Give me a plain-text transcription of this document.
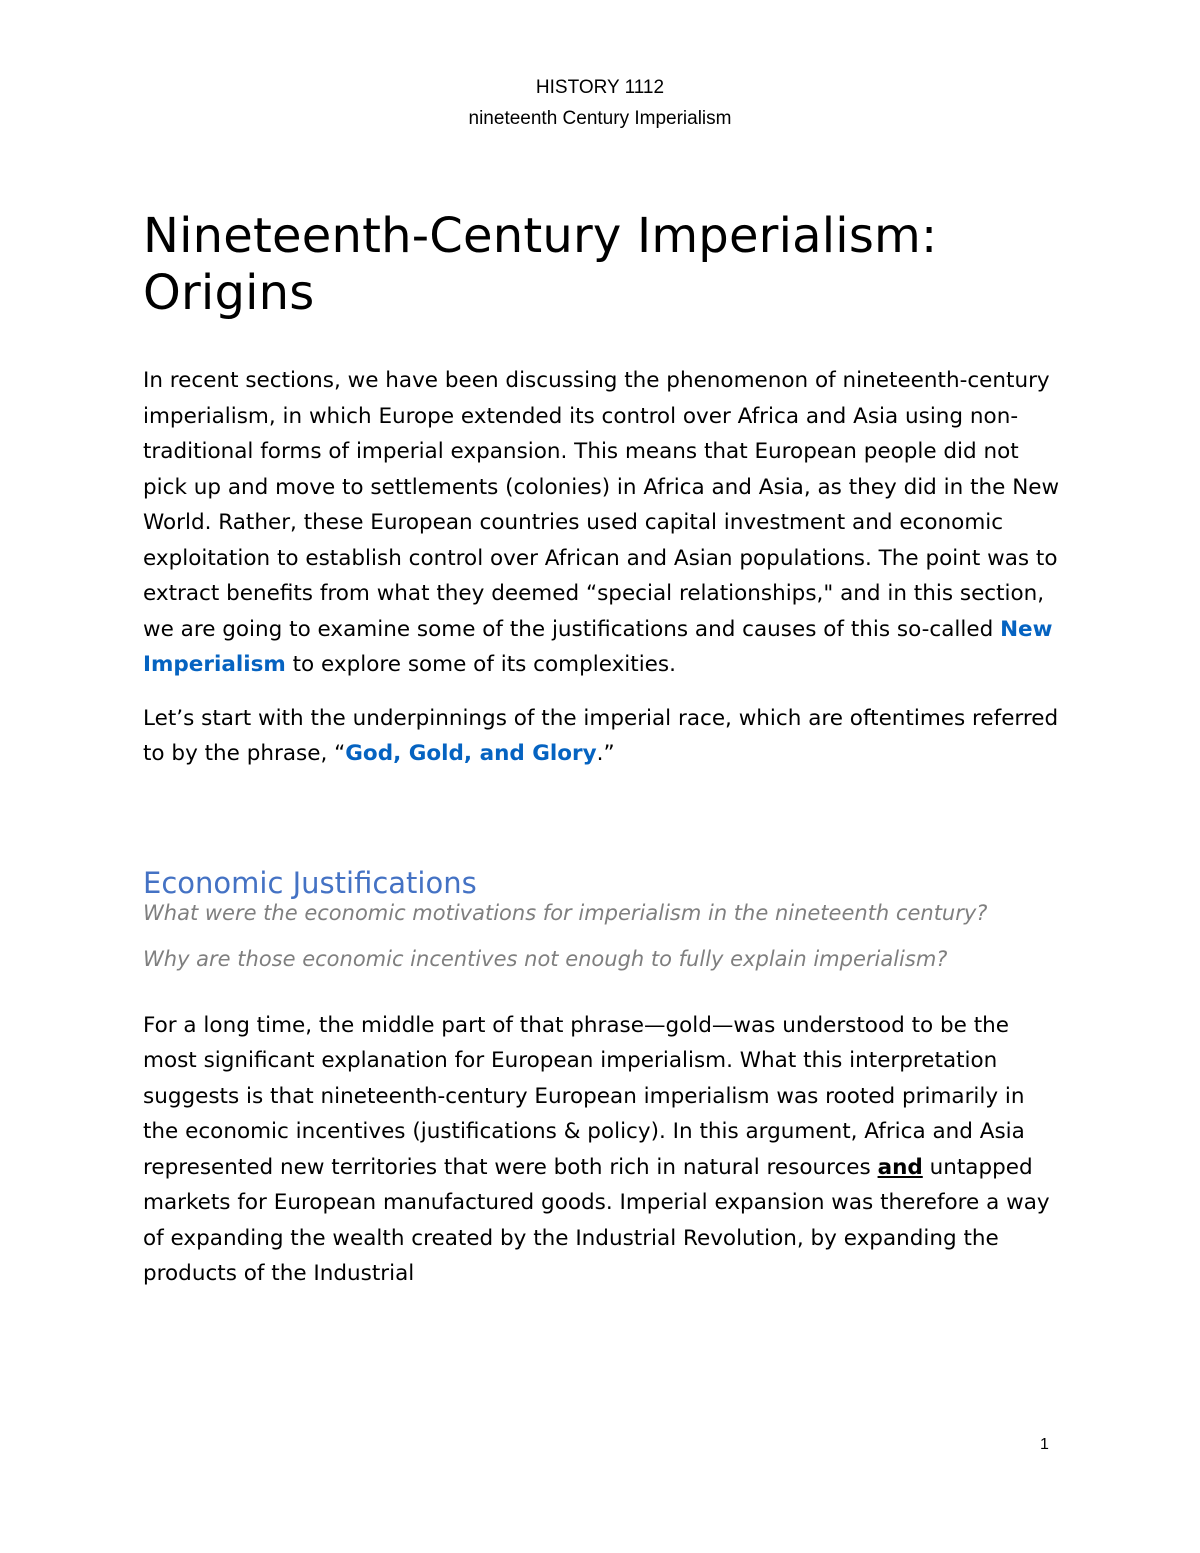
HISTORY 1112
nineteenth Century Imperialism
Nineteenth-Century Imperialism:
Origins

In recent sections, we have been discussing the phenomenon of nineteenth-century imperialism, in which Europe extended its control over Africa and Asia using non-traditional forms of imperial expansion. This means that European people did not pick up and move to settlements (colonies) in Africa and Asia, as they did in the New World. Rather, these European countries used capital investment and economic exploitation to establish control over African and Asian populations. The point was to extract benefits from what they deemed “special relationships," and in this section, we are going to examine some of the justifications and causes of this so-called New Imperialism to explore some of its complexities.

Let’s start with the underpinnings of the imperial race, which are oftentimes referred to by the phrase, “God, Gold, and Glory.”

Economic Justifications

What were the economic motivations for imperialism in the nineteenth century?

Why are those economic incentives not enough to fully explain imperialism?

For a long time, the middle part of that phrase—gold—was understood to be the most significant explanation for European imperialism. What this interpretation suggests is that nineteenth-century European imperialism was rooted primarily in the economic incentives (justifications & policy). In this argument, Africa and Asia represented new territories that were both rich in natural resources and untapped markets for European manufactured goods. Imperial expansion was therefore a way of expanding the wealth created by the Industrial Revolution, by expanding the products of the Industrial

1
